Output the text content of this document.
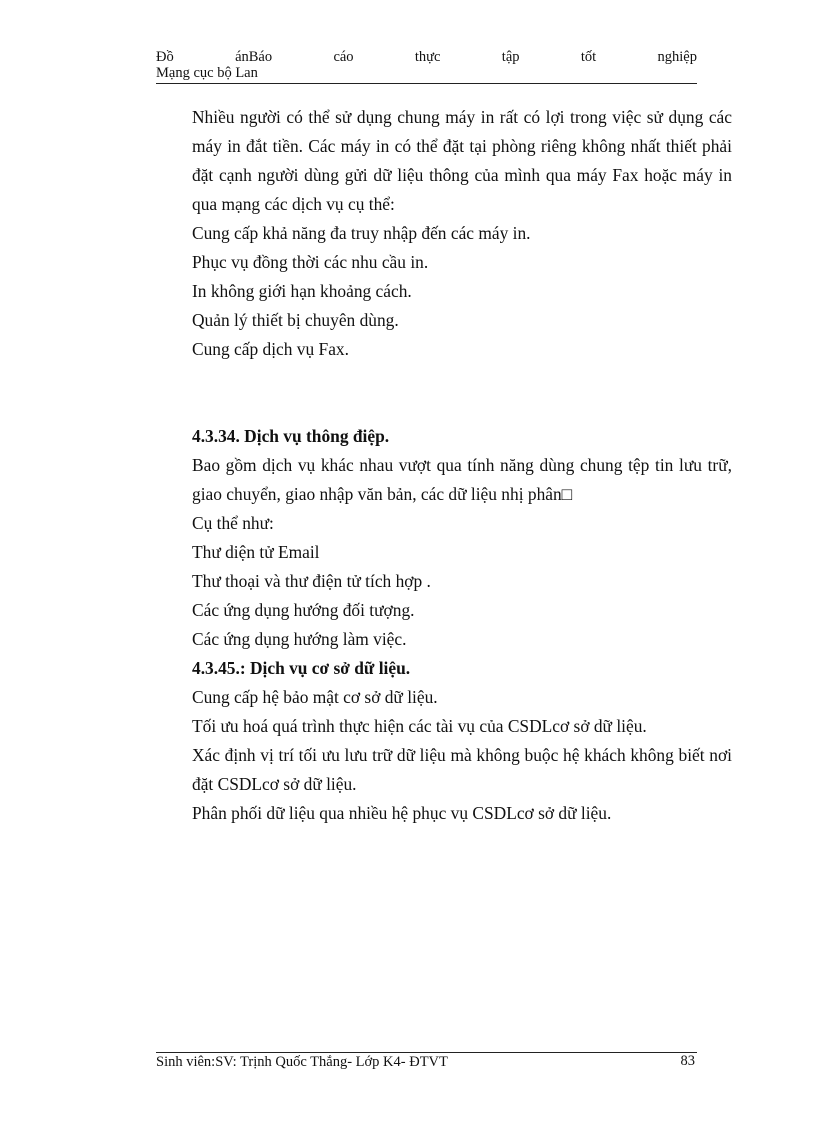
Đồ	ánBáo	cáo	thực	tập	tốt	nghiệp
Mạng cục bộ Lan

Nhiều người có thể sử dụng chung máy in rất có lợi trong việc sử dụng các máy in đắt tiền. Các máy in có thể đặt tại phòng riêng không nhất thiết phải đặt cạnh người dùng gửi dữ liệu thông của mình qua máy Fax hoặc máy in qua mạng các dịch vụ cụ thể:

Cung cấp khả năng đa truy nhập đến các máy in.

Phục vụ đồng thời các nhu cầu in.

In không giới hạn khoảng cách.

Quản lý thiết bị chuyên dùng.

Cung cấp dịch vụ Fax.

4.3.34. Dịch vụ thông điệp.

Bao gồm dịch vụ khác nhau vượt qua tính năng dùng chung tệp tin lưu trữ, giao chuyển, giao nhập văn bản, các dữ liệu nhị phân□

Cụ thể như:

Thư diện tử Email

Thư thoại và thư điện tử tích hợp .

Các ứng dụng hướng đối tượng.

Các ứng dụng hướng làm việc.

4.3.45.: Dịch vụ cơ sở dữ liệu.

Cung cấp hệ bảo mật cơ sở dữ liệu.

Tối ưu hoá quá trình thực hiện các tài vụ của CSDLcơ sở dữ liệu.

Xác định vị trí tối ưu lưu trữ dữ liệu mà không buộc hệ khách không biết nơi đặt CSDLcơ sở dữ liệu.

Phân phối dữ liệu qua nhiều hệ phục vụ CSDLcơ sở dữ liệu.

Sinh viên:SV: Trịnh Quốc Thắng- Lớp K4- ĐTVT	83
